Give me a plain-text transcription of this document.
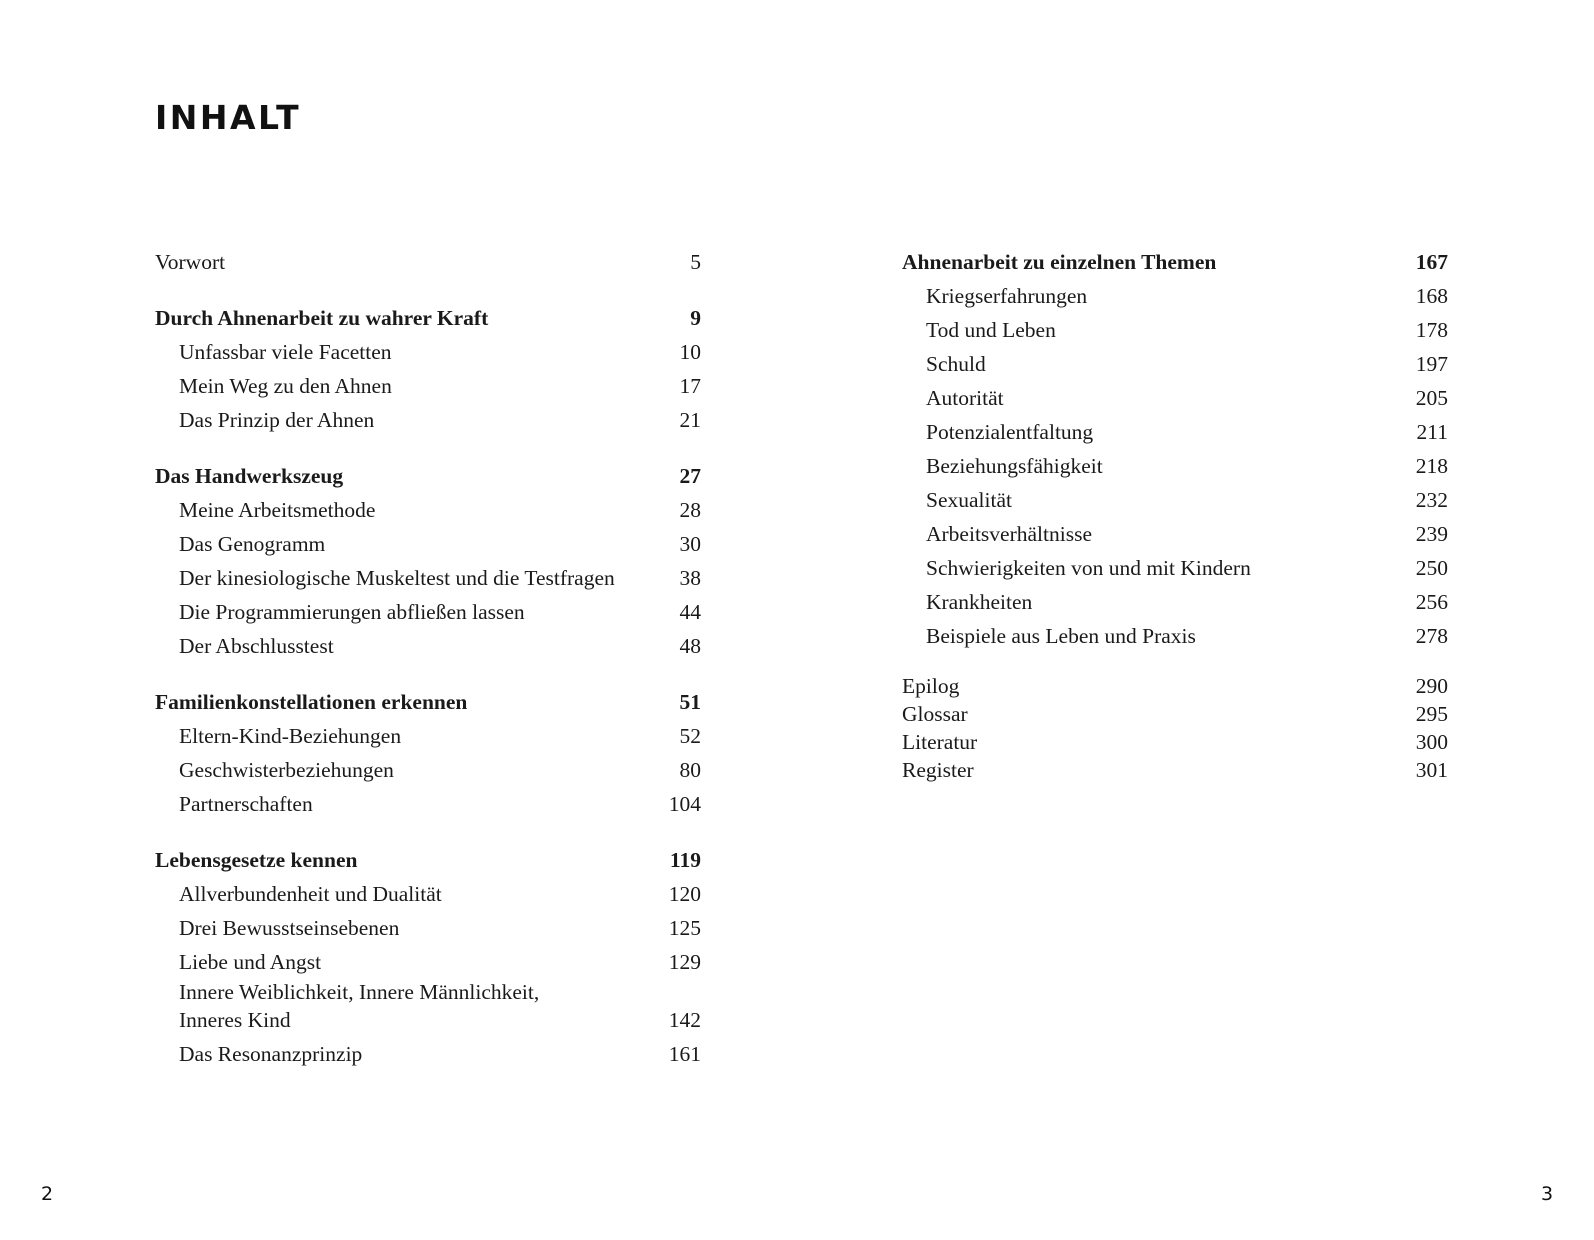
INHALT
Vorwort	5
Durch Ahnenarbeit zu wahrer Kraft	9
Unfassbar viele Facetten	10
Mein Weg zu den Ahnen	17
Das Prinzip der Ahnen	21
Das Handwerkszeug	27
Meine Arbeitsmethode	28
Das Genogramm	30
Der kinesiologische Muskeltest und die Testfragen	38
Die Programmierungen abfließen lassen	44
Der Abschlusstest	48
Familienkonstellationen erkennen	51
Eltern-Kind-Beziehungen	52
Geschwisterbeziehungen	80
Partnerschaften	104
Lebensgesetze kennen	119
Allverbundenheit und Dualität	120
Drei Bewusstseinsebenen	125
Liebe und Angst	129
Innere Weiblichkeit, Innere Männlichkeit,
Inneres Kind	142
Das Resonanzprinzip	161
Ahnenarbeit zu einzelnen Themen	167
Kriegserfahrungen	168
Tod und Leben	178
Schuld	197
Autorität	205
Potenzialentfaltung	211
Beziehungsfähigkeit	218
Sexualität	232
Arbeitsverhältnisse	239
Schwierigkeiten von und mit Kindern	250
Krankheiten	256
Beispiele aus Leben und Praxis	278
Epilog	290
Glossar	295
Literatur	300
Register	301
2	3
